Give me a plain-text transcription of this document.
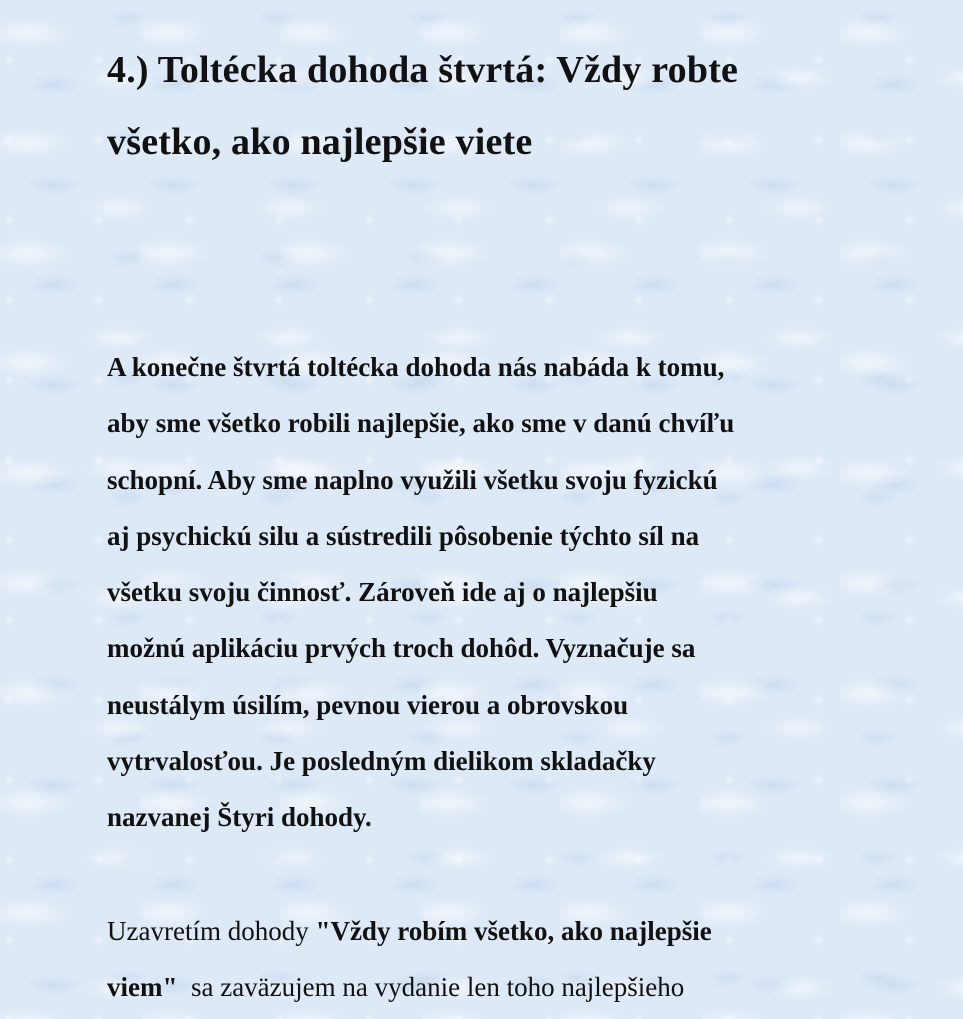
4.) Toltécka dohoda štvrtá: Vždy robte
všetko, ako najlepšie viete

A konečne štvrtá toltécka dohoda nás nabáda k tomu,
aby sme všetko robili najlepšie, ako sme v danú chvíľu
schopní. Aby sme naplno využili všetku svoju fyzickú
aj psychickú silu a sústredili pôsobenie týchto síl na
všetku svoju činnosť. Zároveň ide aj o najlepšiu
možnú aplikáciu prvých troch dohôd. Vyznačuje sa
neustálym úsilím, pevnou vierou a obrovskou
vytrvalosťou. Je posledným dielikom skladačky
nazvanej Štyri dohody.

Uzavretím dohody "Vždy robím všetko, ako najlepšie
viem"  sa zaväzujem na vydanie len toho najlepšieho
